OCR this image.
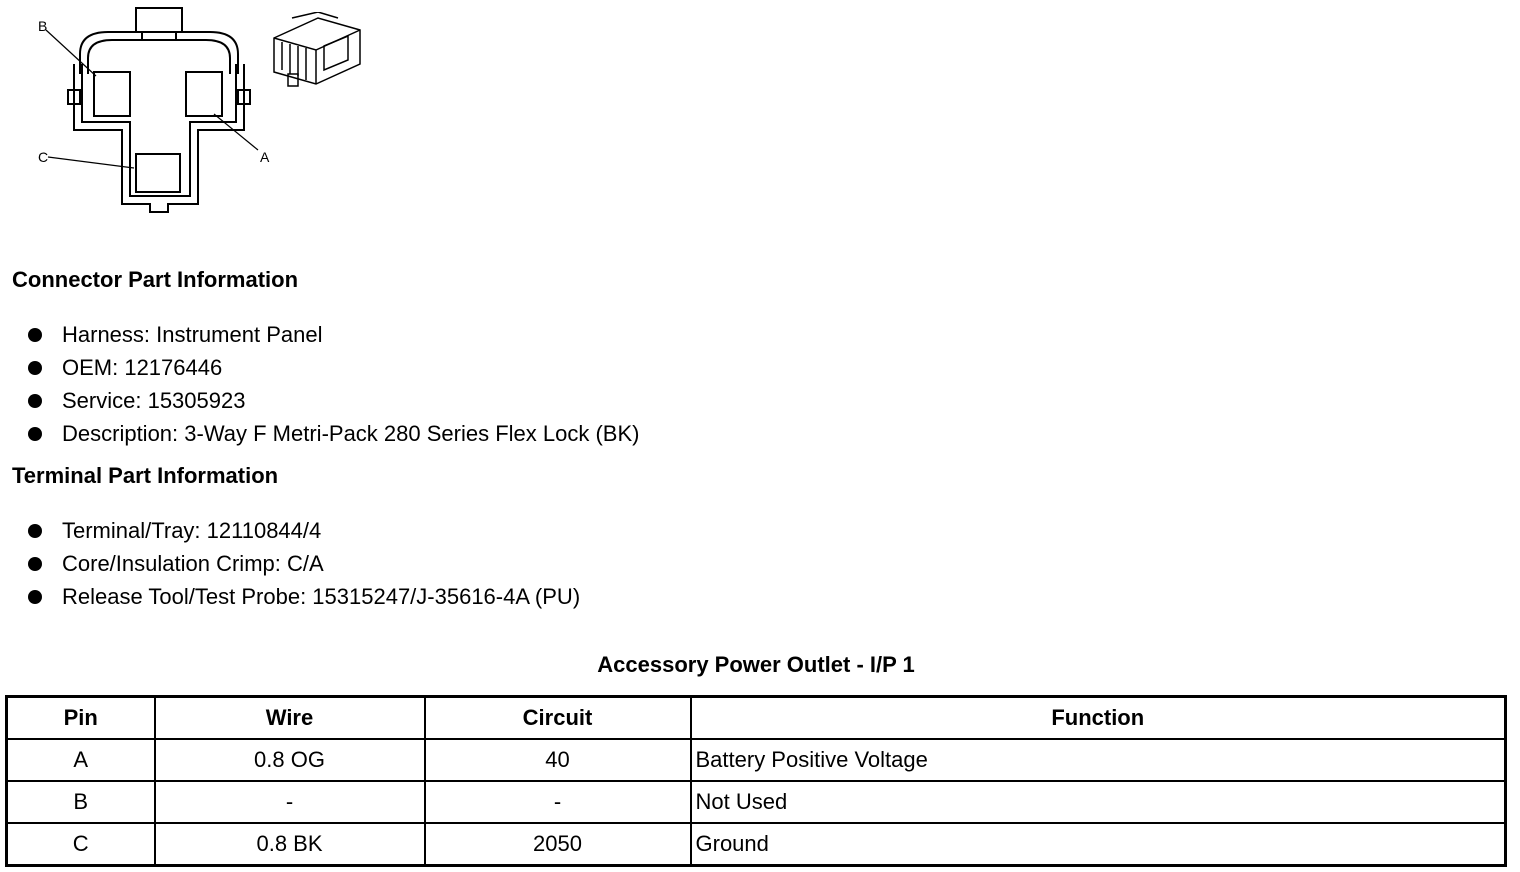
B
A
C
Connector Part Information
Harness: Instrument Panel
OEM: 12176446
Service: 15305923
Description: 3-Way F Metri-Pack 280 Series Flex Lock (BK)
Terminal Part Information
Terminal/Tray: 12110844/4
Core/Insulation Crimp: C/A
Release Tool/Test Probe: 15315247/J-35616-4A (PU)
Accessory Power Outlet - I/P 1
Pin	Wire	Circuit	Function
A	0.8 OG	40	Battery Positive Voltage
B	-	-	Not Used
C	0.8 BK	2050	Ground
